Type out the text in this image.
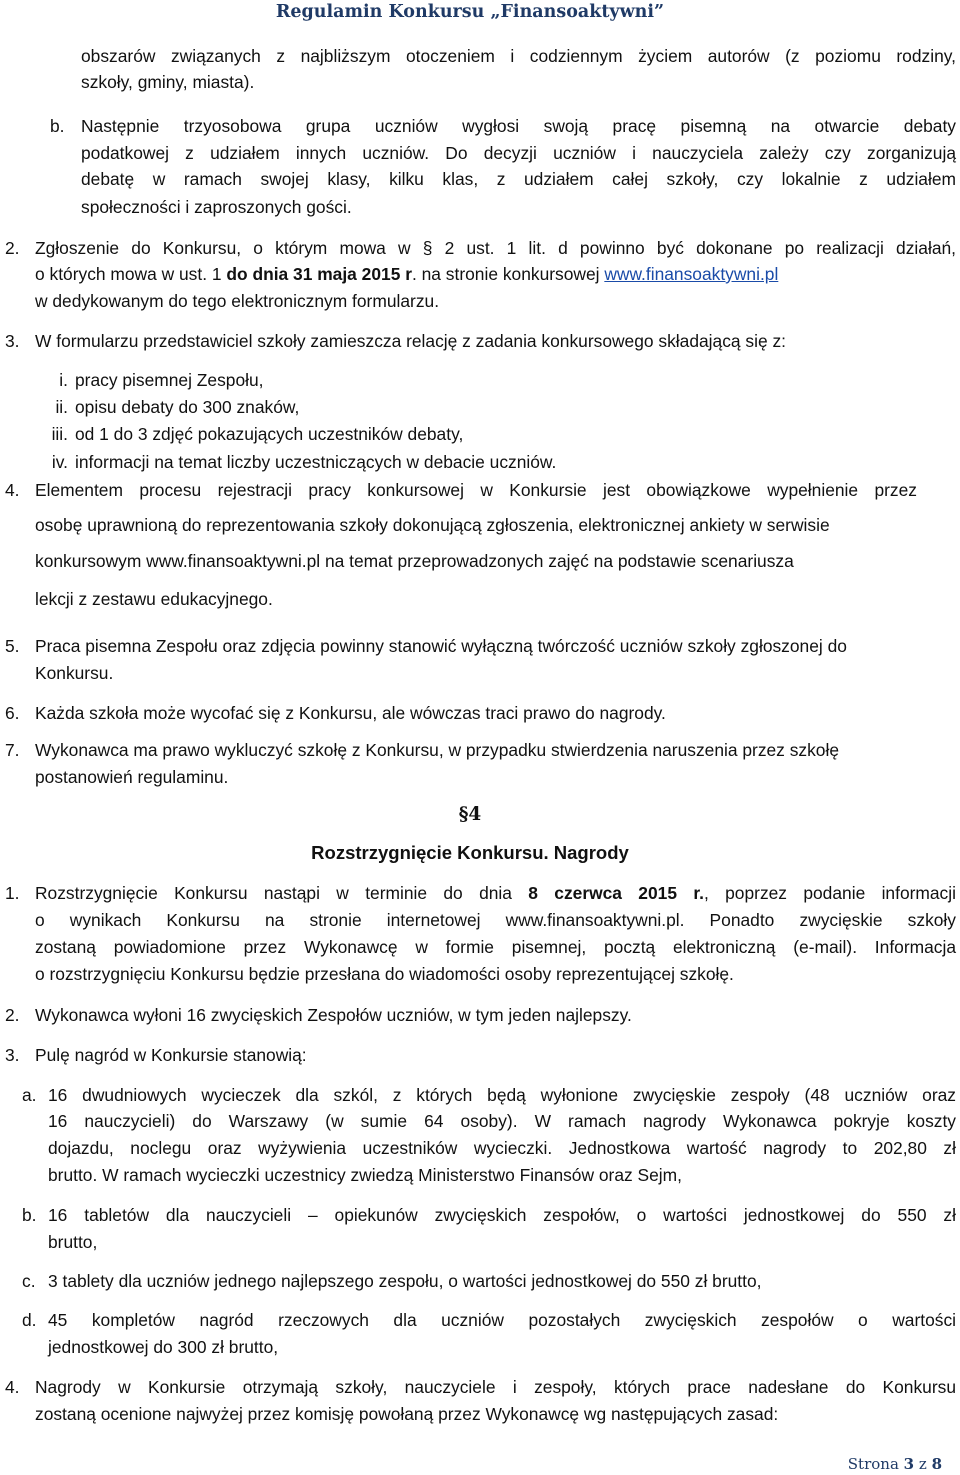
Regulamin Konkursu „Finansoaktywni”
obszarów związanych z najbliższym otoczeniem i codziennym życiem autorów (z poziomu rodziny,
szkoły, gminy, miasta).
b. Następnie trzyosobowa grupa uczniów wygłosi swoją pracę pisemną na otwarcie debaty
podatkowej z udziałem innych uczniów. Do decyzji uczniów i nauczyciela zależy czy zorganizują
debatę w ramach swojej klasy, kilku klas, z udziałem całej szkoły, czy lokalnie z udziałem
społeczności i zaproszonych gości.
2. Zgłoszenie do Konkursu, o którym mowa w § 2 ust. 1 lit. d powinno być dokonane po realizacji działań,
o których mowa w ust. 1 do dnia 31 maja 2015 r. na stronie konkursowej www.finansoaktywni.pl
w dedykowanym do tego elektronicznym formularzu.
3. W formularzu przedstawiciel szkoły zamieszcza relację z zadania konkursowego składającą się z:
i. pracy pisemnej Zespołu,
ii. opisu debaty do 300 znaków,
iii. od 1 do 3 zdjęć pokazujących uczestników debaty,
iv. informacji na temat liczby uczestniczących w debacie uczniów.
4. Elementem procesu rejestracji pracy konkursowej w Konkursie jest obowiązkowe wypełnienie przez
osobę uprawnioną do reprezentowania szkoły dokonującą zgłoszenia, elektronicznej ankiety w serwisie
konkursowym www.finansoaktywni.pl na temat przeprowadzonych zajęć na podstawie scenariusza
lekcji z zestawu edukacyjnego.
5. Praca pisemna Zespołu oraz zdjęcia powinny stanowić wyłączną twórczość uczniów szkoły zgłoszonej do
Konkursu.
6. Każda szkoła może wycofać się z Konkursu, ale wówczas traci prawo do nagrody.
7. Wykonawca ma prawo wykluczyć szkołę z Konkursu, w przypadku stwierdzenia naruszenia przez szkołę
postanowień regulaminu.
§4
Rozstrzygnięcie Konkursu. Nagrody
1. Rozstrzygnięcie Konkursu nastąpi w terminie do dnia 8 czerwca 2015 r., poprzez podanie informacji
o wynikach Konkursu na stronie internetowej www.finansoaktywni.pl. Ponadto zwycięskie szkoły
zostaną powiadomione przez Wykonawcę w formie pisemnej, pocztą elektroniczną (e-mail). Informacja
o rozstrzygnięciu Konkursu będzie przesłana do wiadomości osoby reprezentującej szkołę.
2. Wykonawca wyłoni 16 zwycięskich Zespołów uczniów, w tym jeden najlepszy.
3. Pulę nagród w Konkursie stanowią:
a. 16 dwudniowych wycieczek dla szkól, z których będą wyłonione zwycięskie zespoły (48 uczniów oraz
16 nauczycieli) do Warszawy (w sumie 64 osoby). W ramach nagrody Wykonawca pokryje koszty
dojazdu, noclegu oraz wyżywienia uczestników wycieczki. Jednostkowa wartość nagrody to 202,80 zł
brutto. W ramach wycieczki uczestnicy zwiedzą Ministerstwo Finansów oraz Sejm,
b. 16 tabletów dla nauczycieli – opiekunów zwycięskich zespołów, o wartości jednostkowej do 550 zł
brutto,
c. 3 tablety dla uczniów jednego najlepszego zespołu, o wartości jednostkowej do 550 zł brutto,
d. 45 kompletów nagród rzeczowych dla uczniów pozostałych zwycięskich zespołów o wartości
jednostkowej do 300 zł brutto,
4. Nagrody w Konkursie otrzymają szkoły, nauczyciele i zespoły, których prace nadesłane do Konkursu
zostaną ocenione najwyżej przez komisję powołaną przez Wykonawcę wg następujących zasad:
Strona 3 z 8
